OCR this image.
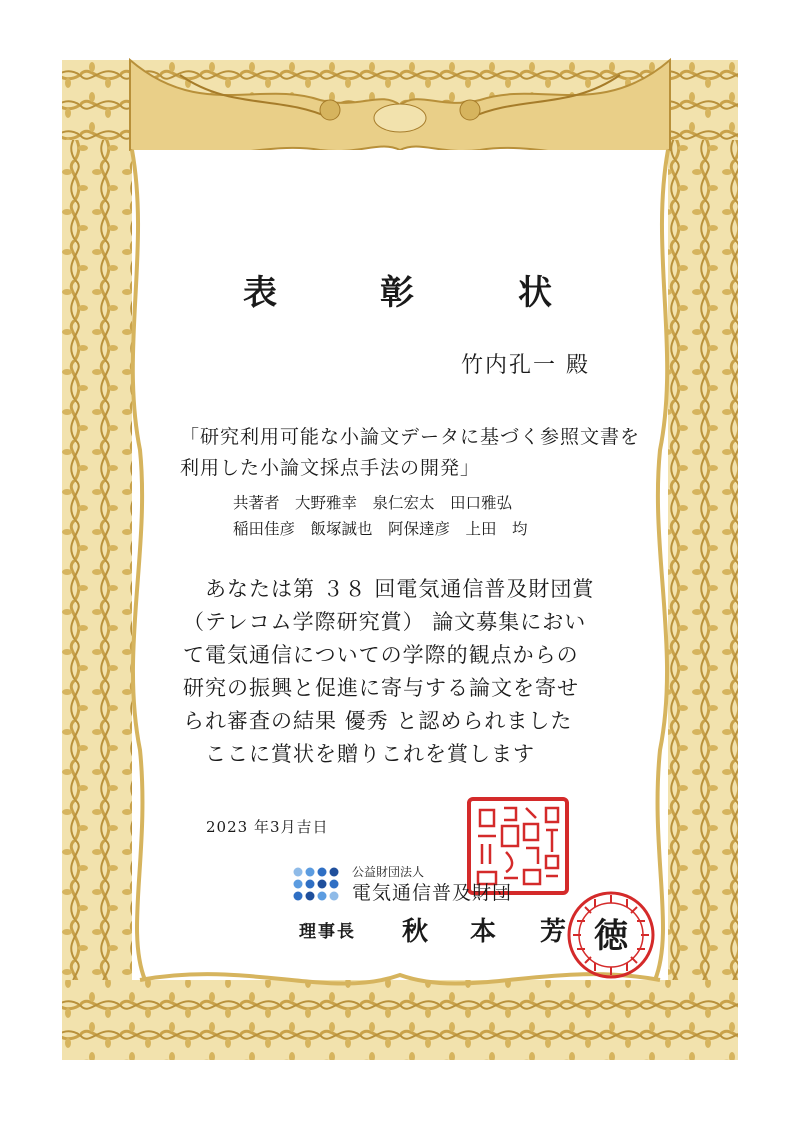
表	彰	状
竹内孔一 殿
「研究利用可能な小論文データに基づく参照文書を
利用した小論文採点手法の開発」
共著者　大野雅幸　泉仁宏太　田口雅弘
稲田佳彦　飯塚誠也　阿保達彦　上田　均
　あなたは第 ３８ 回電気通信普及財団賞
（テレコム学際研究賞） 論文募集におい
て電気通信についての学際的観点からの
研究の振興と促進に寄与する論文を寄せ
られ審査の結果 優秀 と認められました
　ここに賞状を贈りこれを賞します
2023 年3月吉日
公益財団法人
電気通信普及財団
理事長 秋 本 芳 徳
